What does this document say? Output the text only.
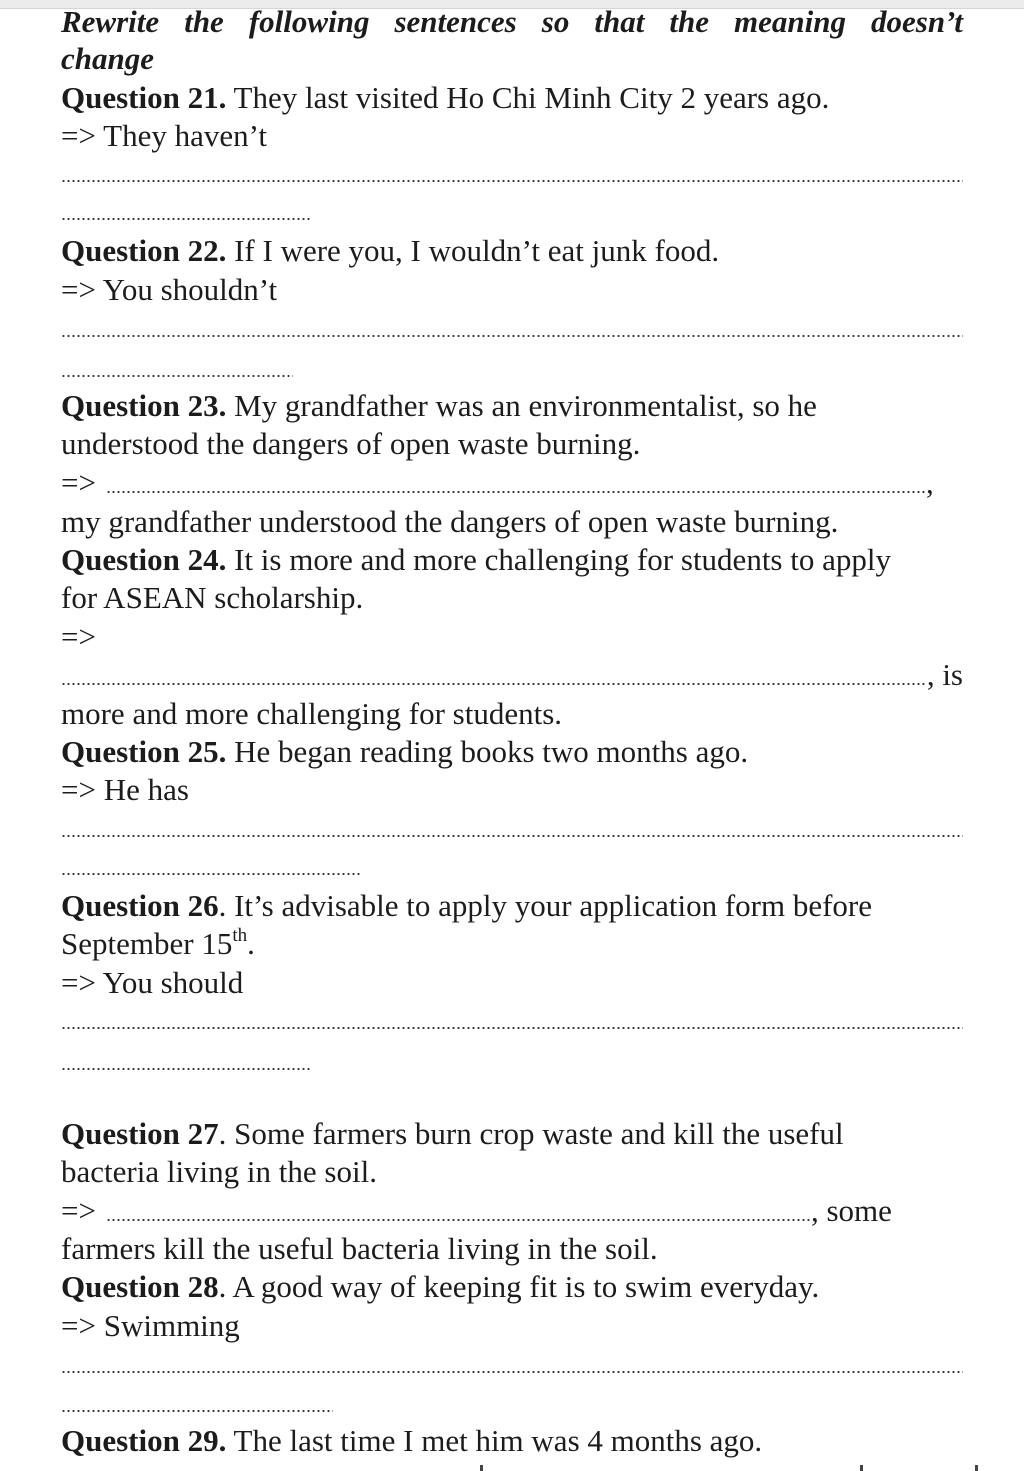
Rewrite the following sentences so that the meaning doesn’t
change
Question 21. They last visited Ho Chi Minh City 2 years ago.
=> They haven’t
Question 22. If I were you, I wouldn’t eat junk food.
=> You shouldn’t
Question 23. My grandfather was an environmentalist, so he
understood the dangers of open waste burning.
=>	,
my grandfather understood the dangers of open waste burning.
Question 24. It is more and more challenging for students to apply
for ASEAN scholarship.
=>
, is
more and more challenging for students.
Question 25. He began reading books two months ago.
=> He has
Question 26. It’s advisable to apply your application form before
September 15th.
=> You should
Question 27. Some farmers burn crop waste and kill the useful
bacteria living in the soil.
=>	, some
farmers kill the useful bacteria living in the soil.
Question 28. A good way of keeping fit is to swim everyday.
=> Swimming
Question 29. The last time I met him was 4 months ago.
